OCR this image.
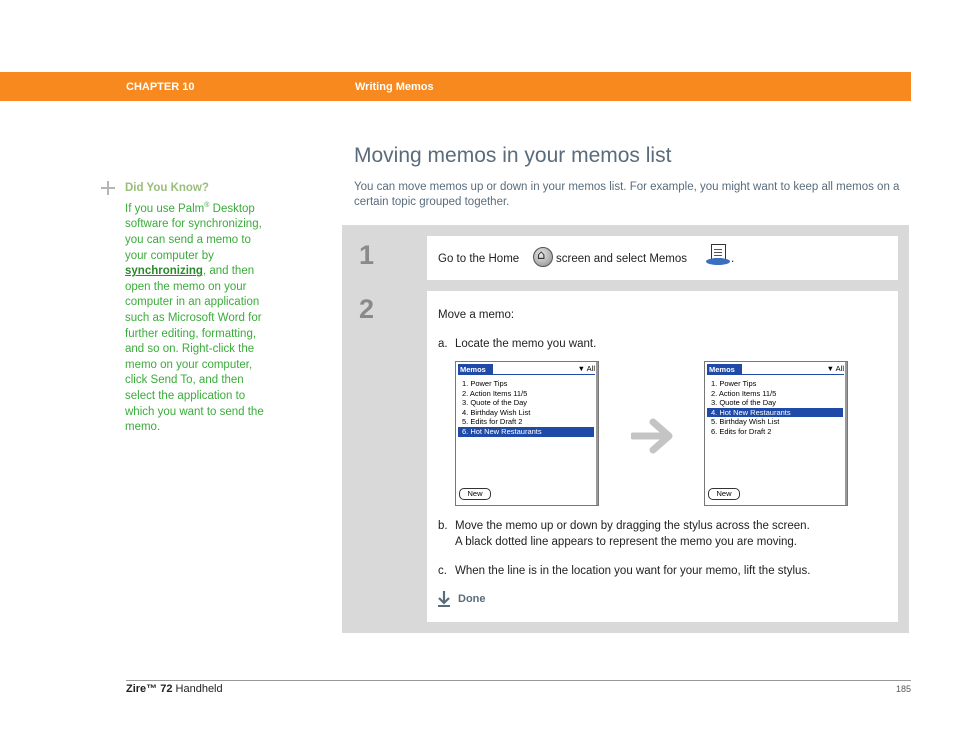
CHAPTER 10	Writing Memos
Moving memos in your memos list

You can move memos up or down in your memos list. For example, you might want to keep all memos on a certain topic grouped together.

Did You Know?
If you use Palm® Desktop software for synchronizing, you can send a memo to your computer by synchronizing, and then open the memo on your computer in an application such as Microsoft Word for further editing, formatting, and so on. Right-click the memo on your computer, click Send To, and then select the application to which you want to send the memo.
1	Go to the Home
⌂	screen and select Memos	.
2	Move a memo:
a. Locate the memo you want.
Memos	▼ All
1. Power Tips
2. Action Items 11/5
3. Quote of the Day
4. Birthday Wish List
5. Edits for Draft 2
6. Hot New Restaurants
New
Memos	▼ All
1. Power Tips
2. Action Items 11/5
3. Quote of the Day
4. Hot New Restaurants
5. Birthday Wish List
6. Edits for Draft 2
New
b. Move the memo up or down by dragging the stylus across the screen.
A black dotted line appears to represent the memo you are moving.
c. When the line is in the location you want for your memo, lift the stylus.
Done
Zire™ 72 Handheld	185
